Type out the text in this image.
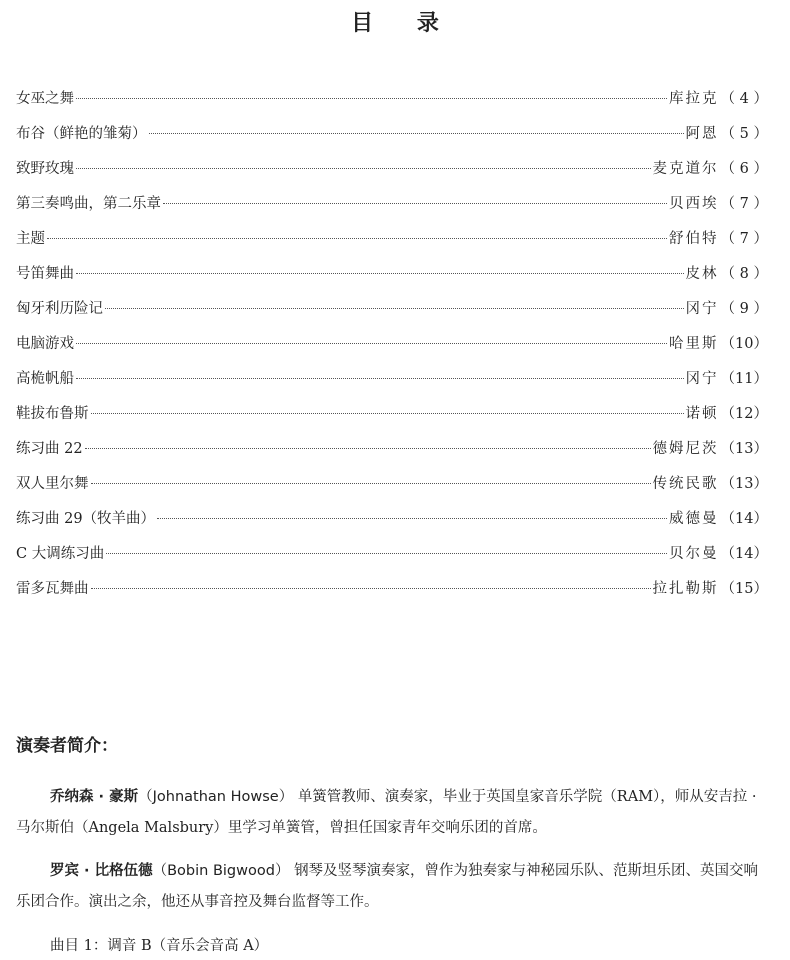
目 录
女巫之舞	库拉克 （ 4 ）
布谷（鲜艳的雏菊）	阿恩 （ 5 ）
致野玫瑰	麦克道尔 （ 6 ）
第三奏鸣曲，第二乐章	贝西埃 （ 7 ）
主题	舒伯特 （ 7 ）
号笛舞曲	皮林 （ 8 ）
匈牙利历险记	冈宁 （ 9 ）
电脑游戏	哈里斯 （10）
高桅帆船	冈宁 （11）
鞋拔布鲁斯	诺顿 （12）
练习曲 22	德姆尼茨 （13）
双人里尔舞	传统民歌 （13）
练习曲 29（牧羊曲）	威德曼 （14）
C 大调练习曲	贝尔曼 （14）
雷多瓦舞曲	拉扎勒斯 （15）
演奏者简介：

乔纳森 · 豪斯（Johnathan Howse） 单簧管教师、演奏家，毕业于英国皇家音乐学院（RAM），师从安吉拉 · 马尔斯伯（Angela Malsbury）里学习单簧管，曾担任国家青年交响乐团的首席。

罗宾 · 比格伍德（Bobin Bigwood） 钢琴及竖琴演奏家，曾作为独奏家与神秘园乐队、范斯坦乐团、英国交响乐团合作。演出之余，他还从事音控及舞台监督等工作。

曲目 1：调音 B（音乐会音高 A）
